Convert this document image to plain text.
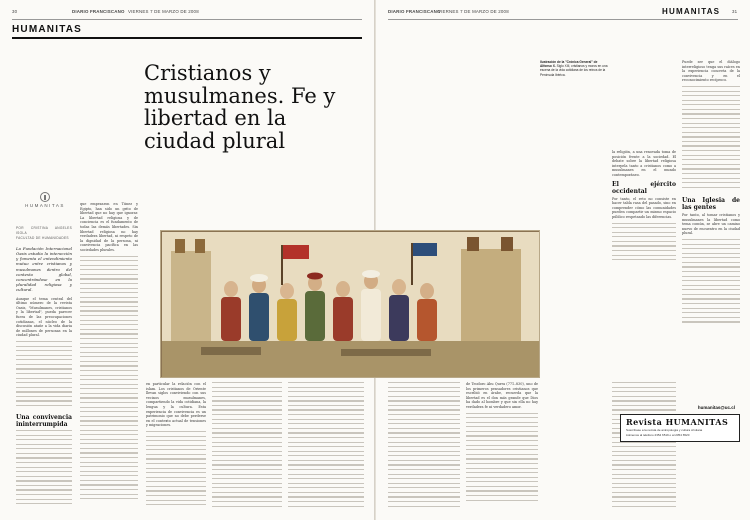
30	DIARIO FRANCISCANO VIERNES 7 DE MARZO DE 2008
HUMANITAS
Cristianos y musulmanes. Fe y libertad en la ciudad plural
HUMANITAS
POR CRISTINA ANGELES ISOLA
FACULTAD DE HUMANIDADES

La Fundación Internacional Oasis estudia la interacción y fomenta el entendimiento mutuo entre cristianos y musulmanes dentro del contexto global, concentrándose en la pluralidad religiosa y cultural.

Aunque el tema central del último número de la revista Oasis, "Musulmanes, cristianos y la libertad", pueda parecer fuera de las preocupaciones cotidianas, el núcleo de la discusión atañe a la vida diaria de millones de personas en la ciudad plural.

Una convivencia ininterrumpida

que empezaron en Túnez y Egipto, han sido un grito de libertad que no hay que ignorar. La libertad religiosa y de conciencia es el fundamento de todas las demás libertades. Sin libertad religiosa no hay verdadera libertad, ni respeto de la dignidad de la persona, ni convivencia pacífica en las sociedades plurales.

en particular la relación con el islam. Los cristianos de Oriente llevan siglos conviviendo con sus vecinos musulmanes, compartiendo la vida cotidiana, la lengua y la cultura. Esta experiencia de convivencia es un patrimonio que no debe perderse en el contexto actual de tensiones y migraciones.

DIARIO FRANCISCANO
VIERNES 7 DE MARZO DE 2008	HUMANITAS	31

de Teodoro Abu Qurra (771–830), uno de los primeros pensadores cristianos que escribió en árabe, recuerda que la libertad es el don más grande que Dios ha dado al hombre y que sin ella no hay verdadera fe ni verdadero amor.

la religión, a una renovada toma de posición frente a la sociedad. El debate sobre la libertad religiosa interpela tanto a cristianos como a musulmanes en el mundo contemporáneo.

El ejército occidental

Por tanto, el reto no consiste en hacer tabla rasa del pasado, sino en comprender cómo las comunidades pueden compartir un mismo espacio público respetando las diferencias.

Puede ser que el diálogo interreligioso tenga sus raíces en la experiencia concreta de la convivencia y en el reconocimiento recíproco.

Una Iglesia de las gentes

Por tanto, al tomar cristianos y musulmanes la libertad como tema común, se abre un camino nuevo de encuentro en la ciudad plural.

Ilustración de la "Crónica General" de Alfonso X. Siglo XIII, cristianos y moros en una escena de la vida cotidiana de los reinos de la Península Ibérica.
humanitas@uc.cl
Revista HUMANITAS
Suscríbase a la revista de antropología y cultura cristiana
Llámenos al teléfono 2354 6519 o al 2354 6520
